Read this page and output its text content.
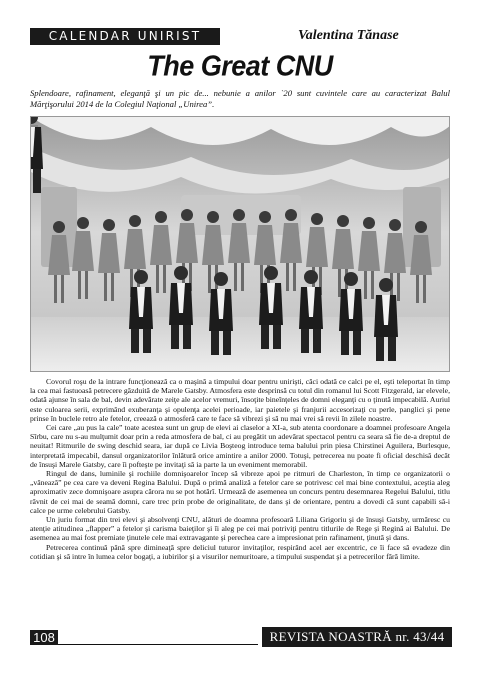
CALENDAR UNIRIST	Valentina Tănase
The Great CNU
Splendoare, rafinament, eleganţă şi un pic de... nebunie a anilor `20 sunt cuvintele care au caracterizat Balul Mărţişorului 2014 de la Colegiul Naţional „Unirea”.

Covorul roşu de la intrare funcţionează ca o maşină a timpului doar pentru unirişti, căci odată ce calci pe el, eşti teleportat în timp la cea mai fastuoasă petrecere găzduită de Marele Gatsby. Atmosfera este desprinsă cu totul din romanul lui Scott Fitzgerald, iar elevele, odată ajunse în sala de bal, devin adevărate zeiţe ale acelor vremuri, însoţite bineînţeles de domni eleganţi cu o ţinută impecabilă. Auriul este culoarea serii, exprimând exuberanţa şi opulenţa acelei perioade, iar paietele şi franjurii accesorizaţi cu perle, panglici şi pene prinse în buclele retro ale fetelor, creează o atmosferă care te face să vibrezi şi să nu mai vrei să revii în zilele noastre.

Cei care „au pus la cale” toate acestea sunt un grup de elevi ai claselor a XI-a, sub atenta coordonare a doamnei profesoare Angela Sîrbu, care nu s-au mulţumit doar prin a reda atmosfera de bal, ci au pregătit un adevărat spectacol pentru ca seara să fie de-a dreptul de neuitat! Ritmurile de swing deschid seara, iar după ce Livia Boşteog introduce tema balului prin piesa Chirstinei Aguilera, Burlesque, interpretată impecabil, dansul organizatorilor înlătură orice amintire a anilor 2000. Totuşi, petrecerea nu poate fi oficial deschisă decât de însuşi Marele Gatsby, care îi pofteşte pe invitaţi să ia parte la un eveniment memorabil.

Ringul de dans, luminile şi rochiile domnişoarelor încep să vibreze apoi pe ritmuri de Charleston, în timp ce organizatorii o „vânează” pe cea care va deveni Regina Balului. După o primă analiză a fetelor care se potrivesc cel mai bine contextului, aceştia aleg aproximativ zece domnişoare asupra cărora nu se pot hotărî. Urmează de asemenea un concurs pentru desemnarea Regelui Balului, titlu râvnit de cei mai de seamă domni, care trec prin probe de originalitate, de dans şi de orientare, pentru a dovedi că sunt capabili să-i calce pe urme celebrului Gatsby.

Un juriu format din trei elevi şi absolvenţi CNU, alături de doamna profesoară Liliana Grigoriu şi de însuşi Gatsby, urmăresc cu atenţie atitudinea „flapper” a fetelor şi carisma baieţilor şi îi aleg pe cei mai potriviţi pentru titlurile de Rege şi Regină ai Balului. De asemenea au mai fost premiate ţinutele cele mai extravagante şi perechea care a impresionat prin rafinament, ţinută şi dans.

Petrecerea continuă până spre dimineaţă spre deliciul tuturor invitaţilor, respirând acel aer excentric, ce îi face să evadeze din cotidian şi să intre în lumea celor bogaţi, a iubirilor şi a visurilor nemuritoare, a timpului suspendat şi a petrecerilor fără limite.

108	REVISTA NOASTRĂ nr. 43/44
